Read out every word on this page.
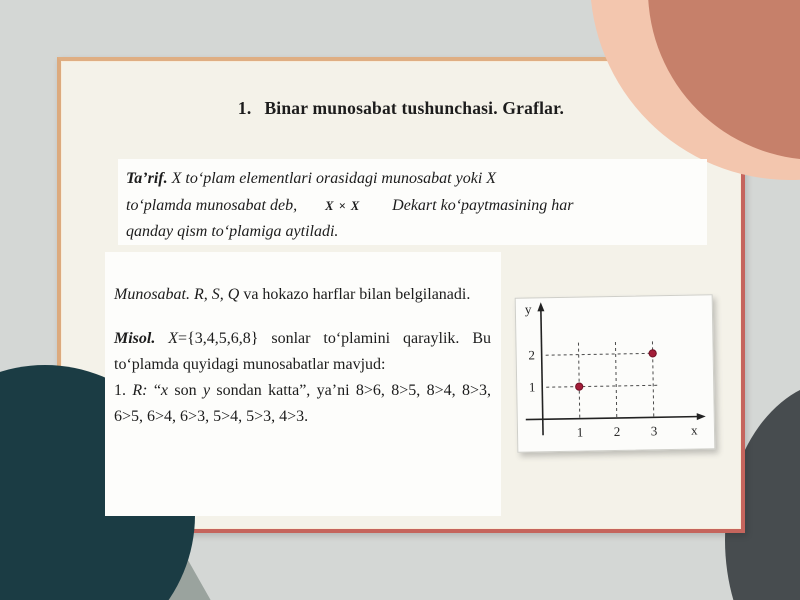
1. Binar munosabat tushunchasi. Graflar.
Ta’rif. X toʻplam elementlari orasidagi munosabat yoki X
toʻplamda munosabat deb, X × X Dekart koʻpaytmasining har
qanday qism toʻplamiga aytiladi.

Munosabat. R, S, Q va hokazo harflar bilan belgilanadi.

Misol. X={3,4,5,6,8} sonlar toʻplamini qaraylik. Bu toʻplamda quyidagi munosabatlar mavjud:

1. R: “x son y sondan katta”, ya’ni 8>6, 8>5, 8>4, 8>3, 6>5, 6>4, 6>3, 5>4, 5>3, 4>3.

1 2 3
1
2
y
x
